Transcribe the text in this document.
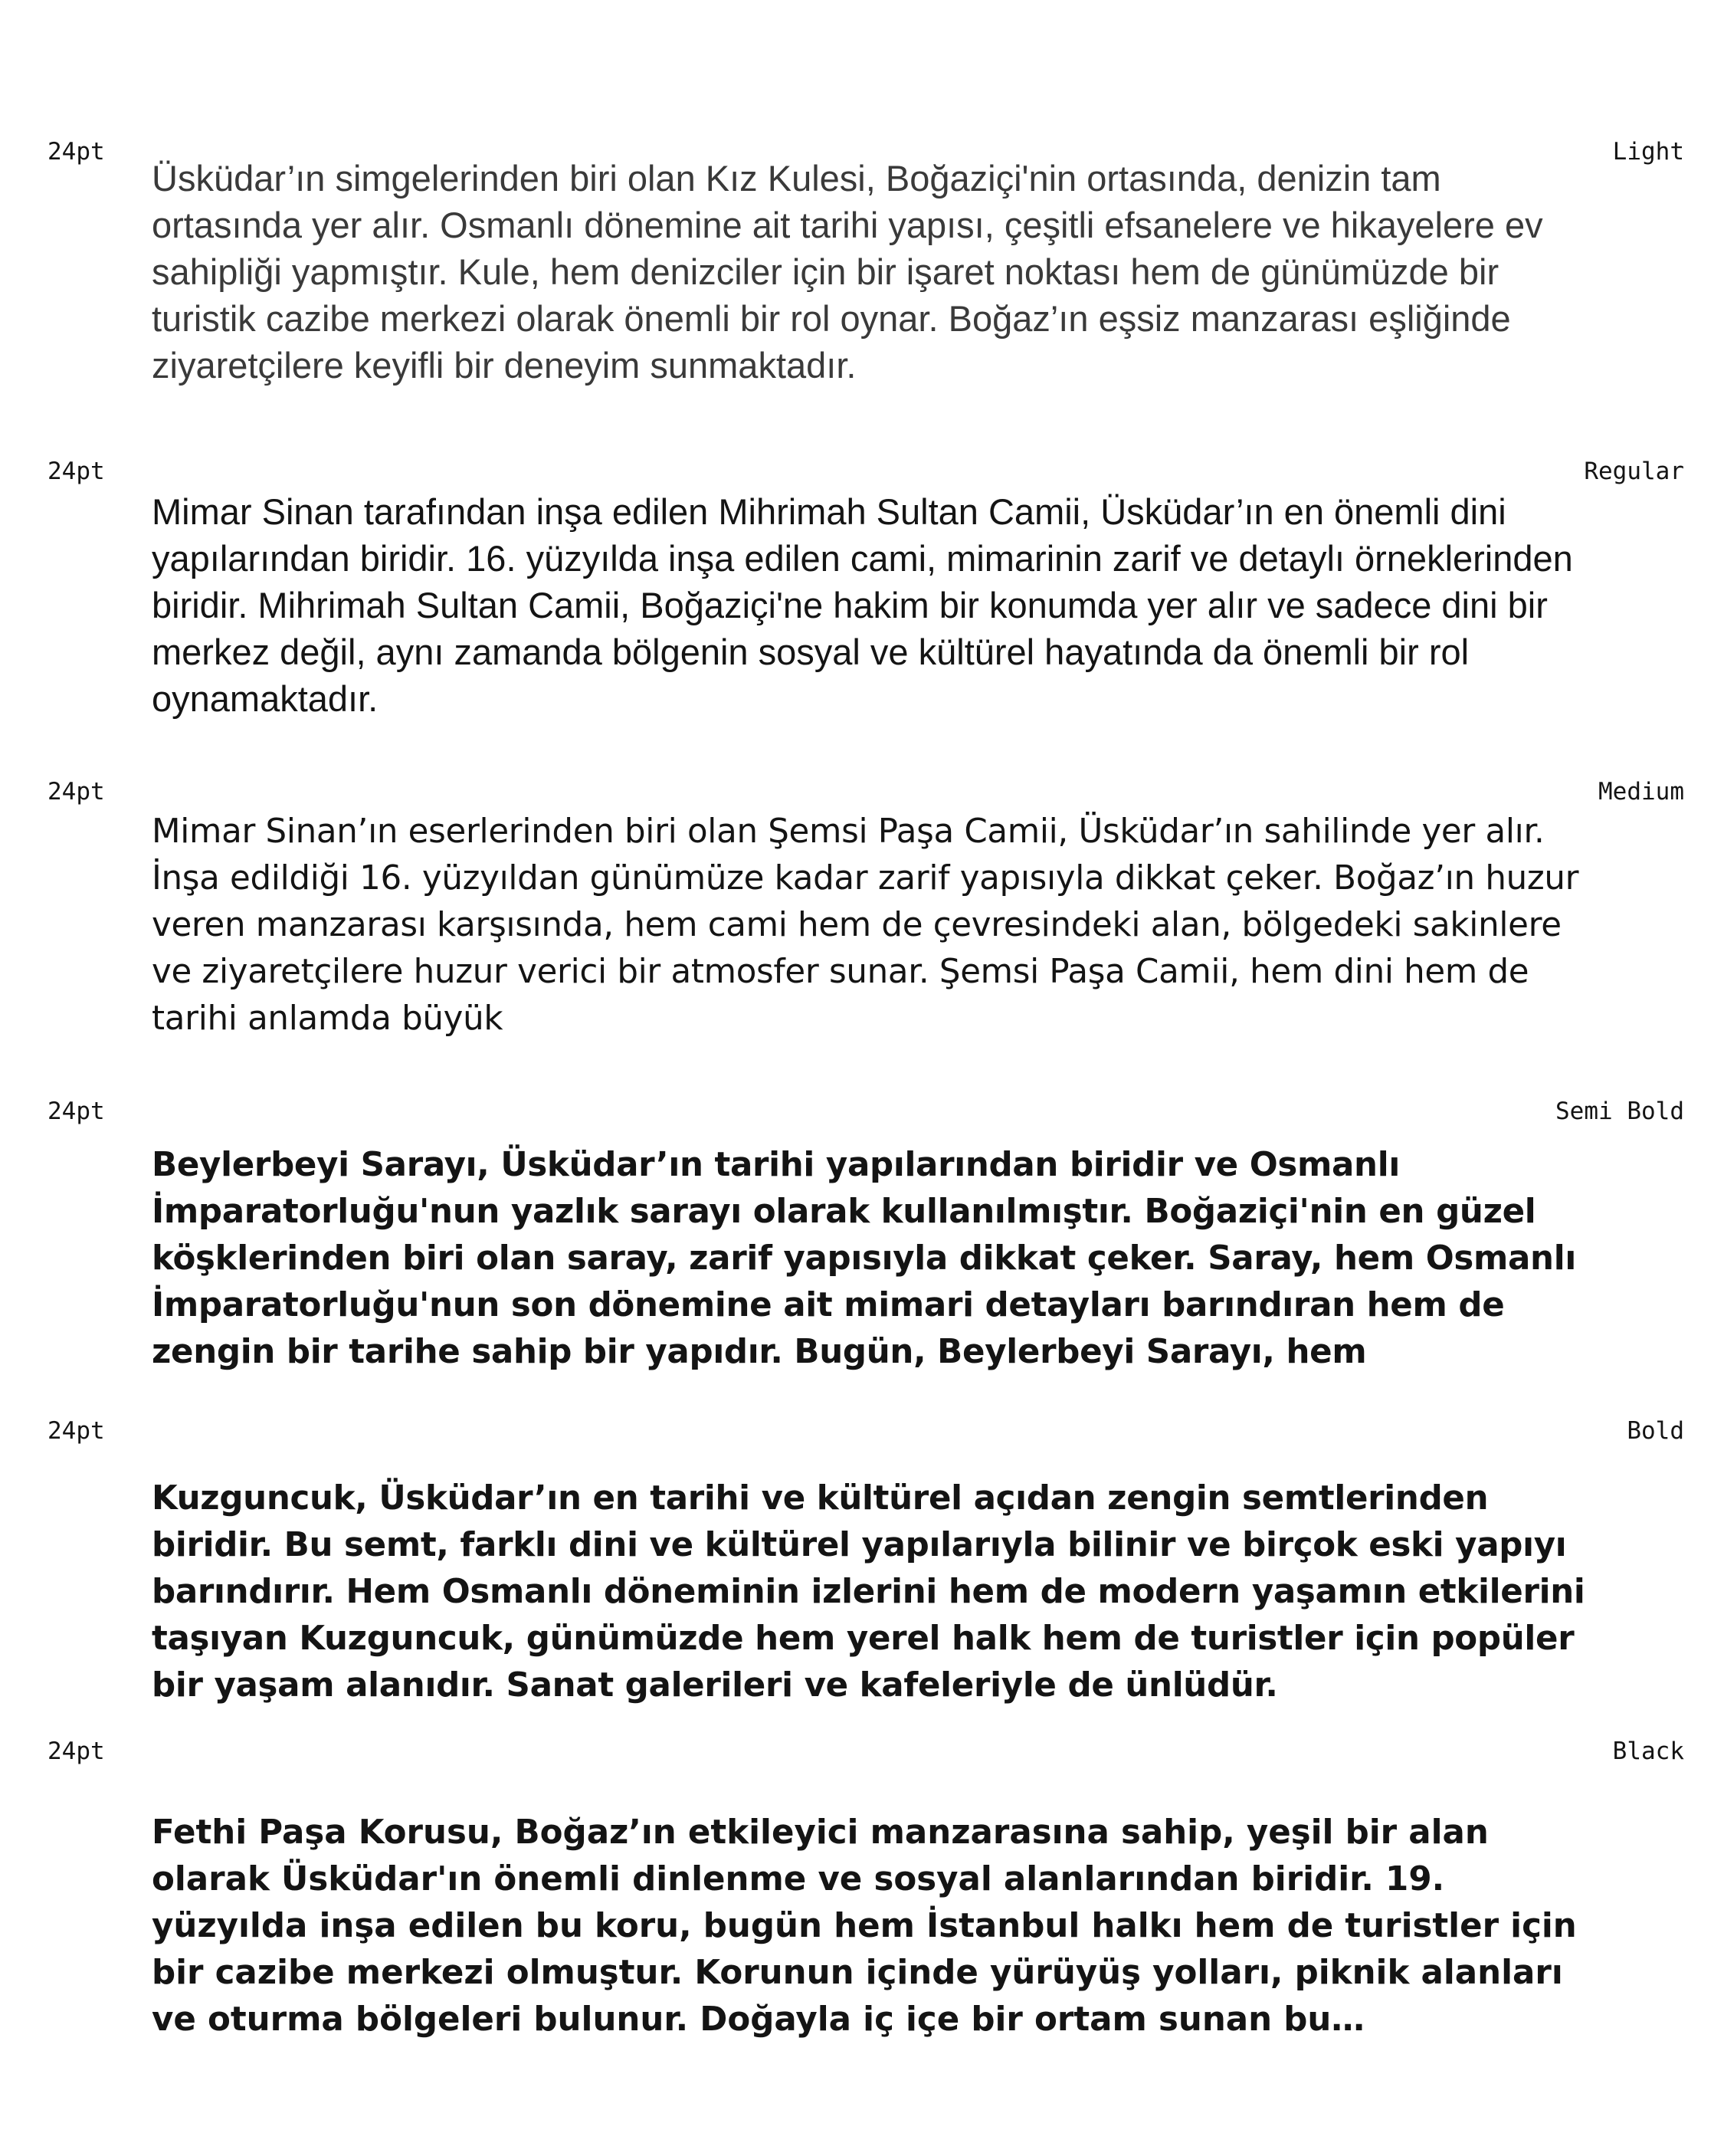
24pt	Light

Üsküdar’ın simgelerinden biri olan Kız Kulesi, Boğaziçi'nin ortasında, denizin tam ortasında yer alır. Osmanlı dönemine ait tarihi yapısı, çeşitli efsanelere ve hikayelere ev sahipliği yapmıştır. Kule, hem denizciler için bir işaret noktası hem de günümüzde bir turistik cazibe merkezi olarak önemli bir rol oynar. Boğaz’ın eşsiz manzarası eşliğinde ziyaretçilere keyifli bir deneyim sunmaktadır.

24pt	Regular

Mimar Sinan tarafından inşa edilen Mihrimah Sultan Camii, Üsküdar’ın en önemli dini yapılarından biridir. 16. yüzyılda inşa edilen cami, mimarinin zarif ve detaylı örneklerinden biridir. Mihrimah Sultan Camii, Boğaziçi'ne hakim bir konumda yer alır ve sadece dini bir merkez değil, aynı zamanda bölgenin sosyal ve kültürel hayatında da önemli bir rol oynamaktadır.

24pt	Medium

Mimar Sinan’ın eserlerinden biri olan Şemsi Paşa Camii, Üsküdar’ın sahilinde yer alır. İnşa edildiği 16. yüzyıldan günümüze kadar zarif yapısıyla dikkat çeker. Boğaz’ın huzur veren manzarası karşısında, hem cami hem de çevresindeki alan, bölgedeki sakinlere ve ziyaretçilere huzur verici bir atmosfer sunar. Şemsi Paşa Camii, hem dini hem de tarihi anlamda büyük

24pt	Semi Bold

Beylerbeyi Sarayı, Üsküdar’ın tarihi yapılarından biridir ve Osmanlı İmparatorluğu'nun yazlık sarayı olarak kullanılmıştır. Boğaziçi'nin en güzel köşklerinden biri olan saray, zarif yapısıyla dikkat çeker. Saray, hem Osmanlı İmparatorluğu'nun son dönemine ait mimari detayları barındıran hem de zengin bir tarihe sahip bir yapıdır. Bugün, Beylerbeyi Sarayı, hem

24pt	Bold

Kuzguncuk, Üsküdar’ın en tarihi ve kültürel açıdan zengin semtlerinden biridir. Bu semt, farklı dini ve kültürel yapılarıyla bilinir ve birçok eski yapıyı barındırır. Hem Osmanlı döneminin izlerini hem de modern yaşamın etkilerini taşıyan Kuzguncuk, günümüzde hem yerel halk hem de turistler için popüler bir yaşam alanıdır. Sanat galerileri ve kafeleriyle de ünlüdür.

24pt	Black

Fethi Paşa Korusu, Boğaz’ın etkileyici manzarasına sahip, yeşil bir alan olarak Üsküdar'ın önemli dinlenme ve sosyal alanlarından biridir. 19. yüzyılda inşa edilen bu koru, bugün hem İstanbul halkı hem de turistler için bir cazibe merkezi olmuştur. Korunun içinde yürüyüş yolları, piknik alanları ve oturma bölgeleri bulunur. Doğayla iç içe bir ortam sunan bu…
